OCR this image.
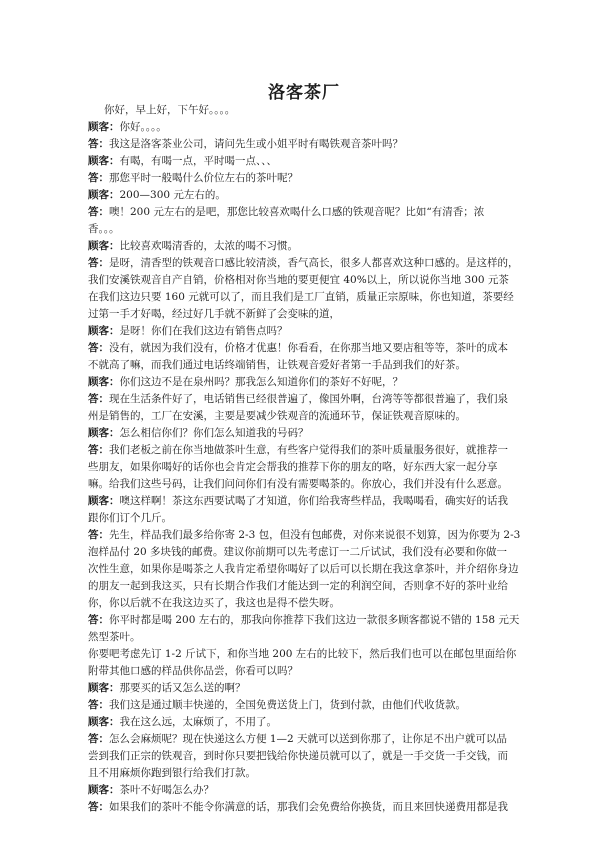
洛客茶厂
你好，早上好，下午好。。。。
顾客：你好。。。。
答：我这是洛客茶业公司，请问先生或小姐平时有喝铁观音茶叶吗？
顾客：有喝，有喝一点，平时喝一点、、、
答：那您平时一般喝什么价位左右的茶叶呢？
顾客：200—300 元左右的。
答：噢！200 元左右的是吧，那您比较喜欢喝什么口感的铁观音呢？比如“有清香；浓
香。。。
顾客：比较喜欢喝清香的，太浓的喝不习惯。
答：是呀，清香型的铁观音口感比较清淡，香气高长，很多人都喜欢这种口感的。是这样的，
我们安溪铁观音自产自销，价格相对你当地的要更便宜 40%以上，所以说你当地 300 元茶
在我们这边只要 160 元就可以了，而且我们是工厂直销，质量正宗原味，你也知道，茶要经
过第一手才好喝，经过好几手就不新鲜了会变味的道，
顾客：是呀！你们在我们这边有销售点吗？
答：没有，就因为我们没有，价格才优惠！你看看，在你那当地又要店租等等，茶叶的成本
不就高了嘛，而我们通过电话终端销售，让铁观音爱好者第一手品到我们的好茶。
顾客：你们这边不是在泉州吗？那我怎么知道你们的茶好不好呢，？
答：现在生活条件好了，电话销售已经很普遍了，像国外啊，台湾等等都很普遍了，我们泉
州是销售的，工厂在安溪，主要是要减少铁观音的流通环节，保证铁观音原味的。
顾客：怎么相信你们？你们怎么知道我的号码？
答：我们老板之前在你当地做茶叶生意，有些客户觉得我们的茶叶质量服务很好，就推荐一
些朋友，如果你喝好的话你也会肯定会帮我的推荐下你的朋友的咯，好东西大家一起分享
嘛。给我们这些号码，让我们问问你们有没有需要喝茶的。你放心，我们并没有什么恶意。
顾客：噢这样啊！茶这东西要试喝了才知道，你们给我寄些样品，我喝喝看，确实好的话我
跟你们订个几斤。
答：先生，样品我们最多给你寄 2-3 包，但没有包邮费，对你来说很不划算，因为你要为 2-3
泡样品付 20 多块钱的邮费。建议你前期可以先考虑订一二斤试试，我们没有必要和你做一
次性生意，如果你是喝茶之人我肯定希望你喝好了以后可以长期在我这拿茶叶，并介绍你身边
的朋友一起到我这买，只有长期合作我们才能达到一定的利润空间，否则拿不好的茶叶业给
你，你以后就不在我这边买了，我这也是得不偿失呀。
答：你平时都是喝 200 左右的，那我向你推荐下我们这边一款很多顾客都说不错的 158 元天
然型茶叶。
你要吧考虑先订 1-2 斤试下，和你当地 200 左右的比较下，然后我们也可以在邮包里面给你
附带其他口感的样品供你品尝，你看可以吗？
顾客：那要买的话又怎么送的啊？
答：我们这是通过顺丰快递的，全国免费送货上门，货到付款，由他们代收货款。
顾客：我在这么远，太麻烦了，不用了。
答：怎么会麻烦呢？现在快递这么方便 1—2 天就可以送到你那了，让你足不出户就可以品
尝到我们正宗的铁观音，到时你只要把钱给你快递员就可以了，就是一手交货一手交钱，而
且不用麻烦你跑到银行给我们打款。
顾客：茶叶不好喝怎么办？
答：如果我们的茶叶不能令你满意的话，那我们会免费给你换货，而且来回快递费用都是我
